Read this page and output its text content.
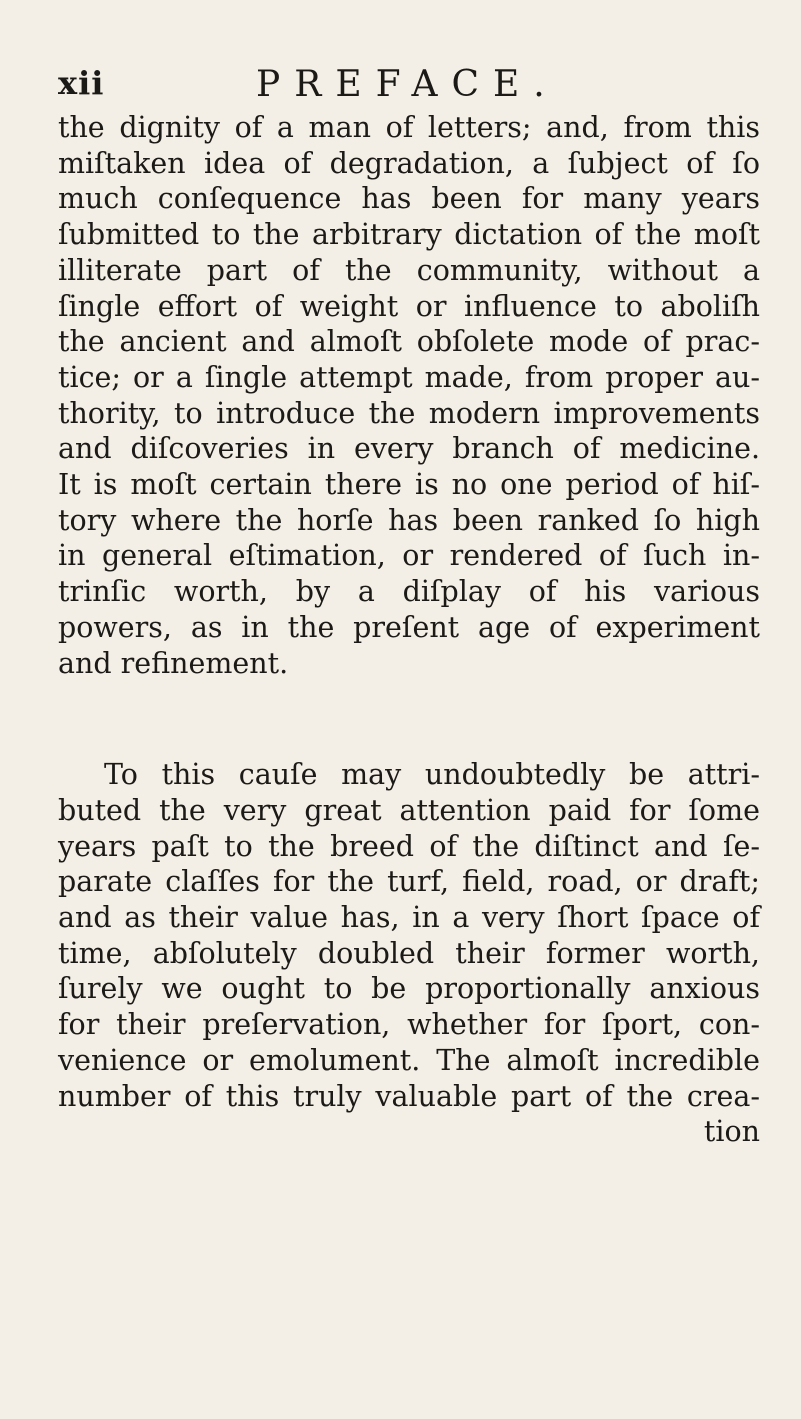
xii	PREFACE.
the dignity of a man of letters; and, from this
miſtaken idea of degradation, a ſubject of ſo
much conſequence has been for many years
ſubmitted to the arbitrary dictation of the moſt
illiterate part of the community, without a
ſingle effort of weight or influence to aboliſh
the ancient and almoſt obſolete mode of prac-
tice; or a ſingle attempt made, from proper au-
thority, to introduce the modern improvements
and diſcoveries in every branch of medicine.
It is moſt certain there is no one period of hiſ-
tory where the horſe has been ranked ſo high
in general eſtimation, or rendered of ſuch in-
trinſic worth, by a diſplay of his various
powers, as in the preſent age of experiment
and refinement.
To this cauſe may undoubtedly be attri-
buted the very great attention paid for ſome
years paſt to the breed of the diſtinct and ſe-
parate claſſes for the turf, field, road, or draft;
and as their value has, in a very ſhort ſpace of
time, abſolutely doubled their former worth,
ſurely we ought to be proportionally anxious
for their preſervation, whether for ſport, con-
venience or emolument. The almoſt incredible
number of this truly valuable part of the crea-
tion
